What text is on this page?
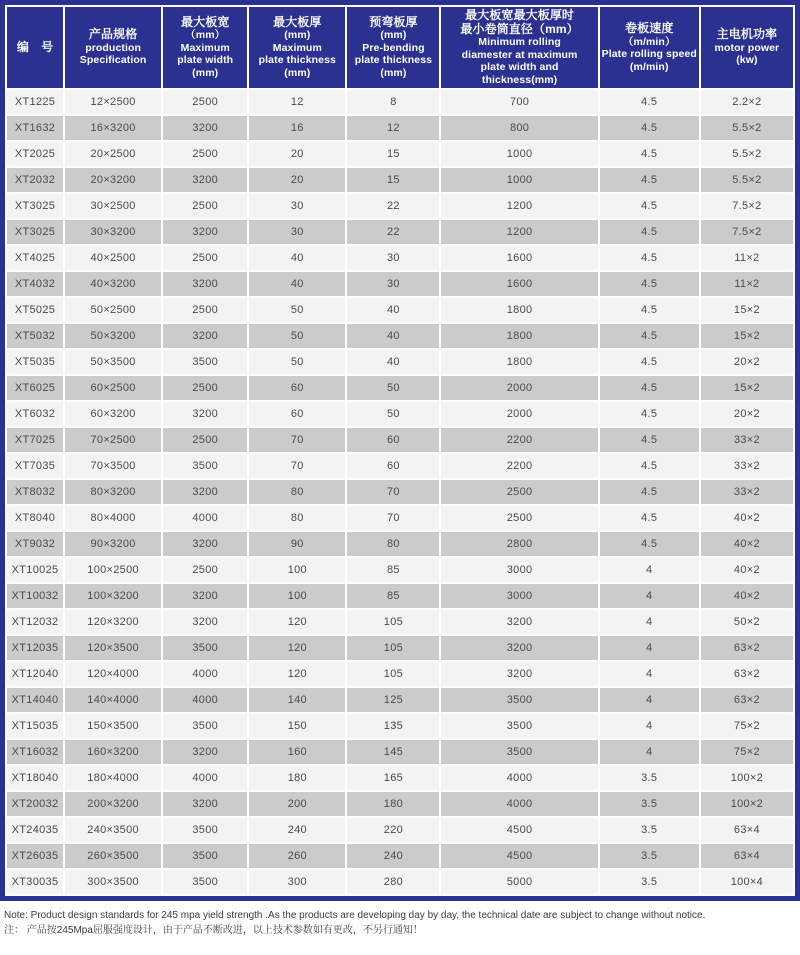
编　号

产品规格
production
Specification

最大板宽
（mm）
Maximum
plate width
(mm)

最大板厚
(mm)
Maximum
plate thickness
(mm)

预弯板厚
(mm)
Pre-bending
plate thickness
(mm)

最大板宽最大板厚时
最小卷筒直径（mm）
Minimum rolling
diamester at maximum
plate width and
thickness(mm)

卷板速度
（m/min）
Plate rolling speed
(m/min)

主电机功率
motor power
(kw)

XT1225	12×2500	2500	12	8	700	4.5	2.2×2
XT1632	16×3200	3200	16	12	800	4.5	5.5×2
XT2025	20×2500	2500	20	15	1000	4.5	5.5×2
XT2032	20×3200	3200	20	15	1000	4.5	5.5×2
XT3025	30×2500	2500	30	22	1200	4.5	7.5×2
XT3025	30×3200	3200	30	22	1200	4.5	7.5×2
XT4025	40×2500	2500	40	30	1600	4.5	11×2
XT4032	40×3200	3200	40	30	1600	4.5	11×2
XT5025	50×2500	2500	50	40	1800	4.5	15×2
XT5032	50×3200	3200	50	40	1800	4.5	15×2
XT5035	50×3500	3500	50	40	1800	4.5	20×2
XT6025	60×2500	2500	60	50	2000	4.5	15×2
XT6032	60×3200	3200	60	50	2000	4.5	20×2
XT7025	70×2500	2500	70	60	2200	4.5	33×2
XT7035	70×3500	3500	70	60	2200	4.5	33×2
XT8032	80×3200	3200	80	70	2500	4.5	33×2
XT8040	80×4000	4000	80	70	2500	4.5	40×2
XT9032	90×3200	3200	90	80	2800	4.5	40×2
XT10025	100×2500	2500	100	85	3000	4	40×2
XT10032	100×3200	3200	100	85	3000	4	40×2
XT12032	120×3200	3200	120	105	3200	4	50×2
XT12035	120×3500	3500	120	105	3200	4	63×2
XT12040	120×4000	4000	120	105	3200	4	63×2
XT14040	140×4000	4000	140	125	3500	4	63×2
XT15035	150×3500	3500	150	135	3500	4	75×2
XT16032	160×3200	3200	160	145	3500	4	75×2
XT18040	180×4000	4000	180	165	4000	3.5	100×2
XT20032	200×3200	3200	200	180	4000	3.5	100×2
XT24035	240×3500	3500	240	220	4500	3.5	63×4
XT26035	260×3500	3500	260	240	4500	3.5	63×4
XT30035	300×3500	3500	300	280	5000	3.5	100×4
Note: Product design standards for 245 mpa yield strength .As the products are developing day by day, the technical date are subject to change without notice.
注： 产品按245Mpa屈服强度设计，由于产品不断改进，以上技术参数如有更改，不另行通知！
